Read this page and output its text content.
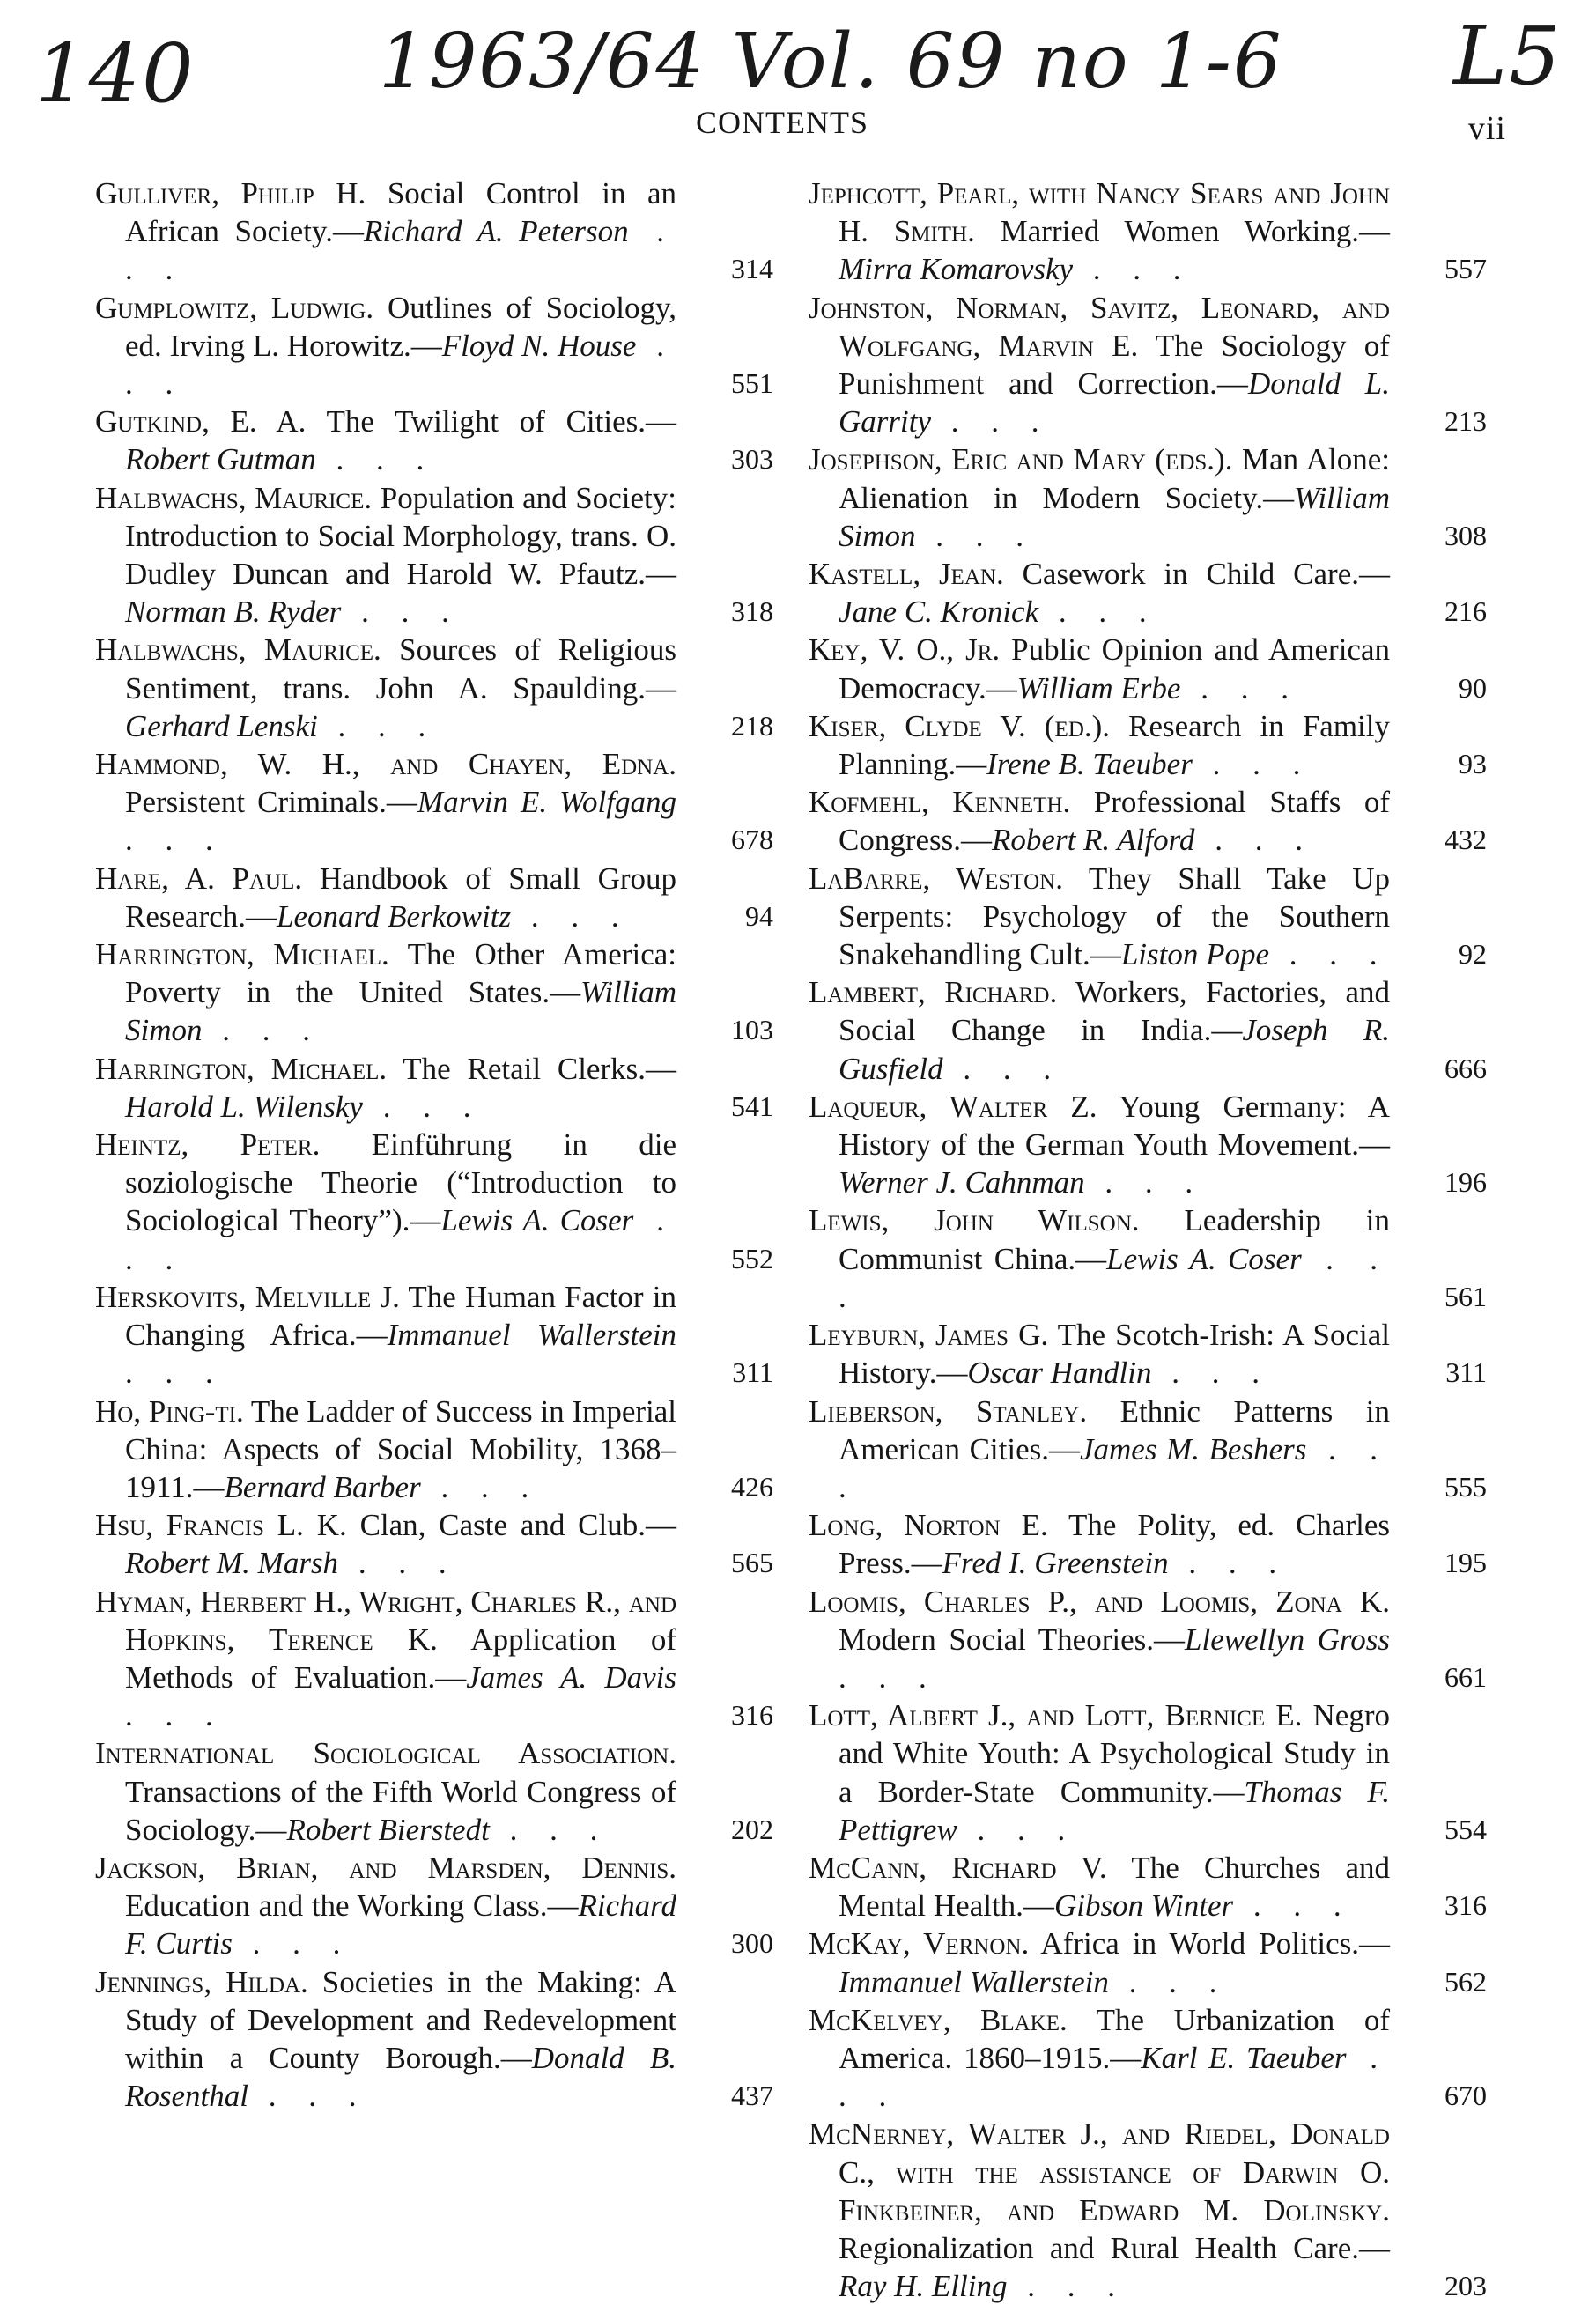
140 1963/64 Vol. 69 no 1-6 L5
CONTENTS	vii
Gulliver, Philip H. Social Control in an African Society.—Richard A. Peterson . . .	314
Gumplowitz, Ludwig. Outlines of Sociology, ed. Irving L. Horowitz.—Floyd N. House . . .	551
Gutkind, E. A. The Twilight of Cities.—Robert Gutman . . .	303
Halbwachs, Maurice. Population and Society: Introduction to Social Morphology, trans. O. Dudley Duncan and Harold W. Pfautz.—Norman B. Ryder . . .	318
Halbwachs, Maurice. Sources of Religious Sentiment, trans. John A. Spaulding.—Gerhard Lenski . . .	218
Hammond, W. H., and Chayen, Edna. Persistent Criminals.—Marvin E. Wolfgang . . .	678
Hare, A. Paul. Handbook of Small Group Research.—Leonard Berkowitz . . .	94
Harrington, Michael. The Other America: Poverty in the United States.—William Simon . . .	103
Harrington, Michael. The Retail Clerks.—Harold L. Wilensky . . .	541
Heintz, Peter. Einführung in die soziologische Theorie (“Introduction to Sociological Theory”).—Lewis A. Coser . . .	552
Herskovits, Melville J. The Human Factor in Changing Africa.—Immanuel Wallerstein . . .	311
Ho, Ping-ti. The Ladder of Success in Imperial China: Aspects of Social Mobility, 1368–1911.—Bernard Barber . . .	426
Hsu, Francis L. K. Clan, Caste and Club.—Robert M. Marsh . . .	565
Hyman, Herbert H., Wright, Charles R., and Hopkins, Terence K. Application of Methods of Evaluation.—James A. Davis . . .	316
International Sociological Association. Transactions of the Fifth World Congress of Sociology.—Robert Bierstedt . . .	202
Jackson, Brian, and Marsden, Dennis. Education and the Working Class.—Richard F. Curtis . . .	300
Jennings, Hilda. Societies in the Making: A Study of Development and Redevelopment within a County Borough.—Donald B. Rosenthal . . .	437
Jephcott, Pearl, with Nancy Sears and John H. Smith. Married Women Working.—Mirra Komarovsky . . .	557
Johnston, Norman, Savitz, Leonard, and Wolfgang, Marvin E. The Sociology of Punishment and Correction.—Donald L. Garrity . . .	213
Josephson, Eric and Mary (eds.). Man Alone: Alienation in Modern Society.—William Simon . . .	308
Kastell, Jean. Casework in Child Care.—Jane C. Kronick . . .	216
Key, V. O., Jr. Public Opinion and American Democracy.—William Erbe . . .	90
Kiser, Clyde V. (ed.). Research in Family Planning.—Irene B. Taeuber . . .	93
Kofmehl, Kenneth. Professional Staffs of Congress.—Robert R. Alford . . .	432
LaBarre, Weston. They Shall Take Up Serpents: Psychology of the Southern Snakehandling Cult.—Liston Pope . . . 92
Lambert, Richard. Workers, Factories, and Social Change in India.—Joseph R. Gusfield . . .	666
Laqueur, Walter Z. Young Germany: A History of the German Youth Movement.—Werner J. Cahnman . . .	196
Lewis, John Wilson. Leadership in Communist China.—Lewis A. Coser . . .	561
Leyburn, James G. The Scotch-Irish: A Social History.—Oscar Handlin . . .	311
Lieberson, Stanley. Ethnic Patterns in American Cities.—James M. Beshers . . .	555
Long, Norton E. The Polity, ed. Charles Press.—Fred I. Greenstein . . .	195
Loomis, Charles P., and Loomis, Zona K. Modern Social Theories.—Llewellyn Gross . . .	661
Lott, Albert J., and Lott, Bernice E. Negro and White Youth: A Psychological Study in a Border-State Community.—Thomas F. Pettigrew . . .	554
McCann, Richard V. The Churches and Mental Health.—Gibson Winter . . .	316
McKay, Vernon. Africa in World Politics.—Immanuel Wallerstein . . .	562
McKelvey, Blake. The Urbanization of America. 1860–1915.—Karl E. Taeuber . . .	670
McNerney, Walter J., and Riedel, Donald C., with the assistance of Darwin O. Finkbeiner, and Edward M. Dolinsky. Regionalization and Rural Health Care.—Ray H. Elling . . .	203
